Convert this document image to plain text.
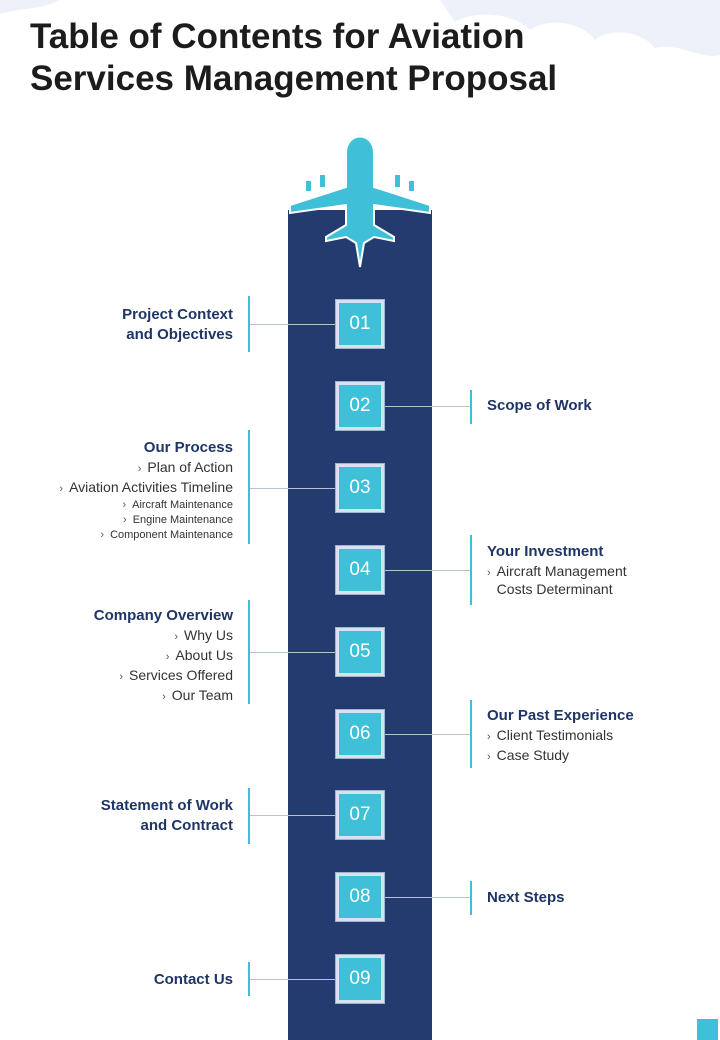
Table of Contents for Aviation Services Management Proposal
01
02
03
04
05
06
07
08
09
Project Context
and Objectives
Scope of Work
Our Process
› Plan of Action
› Aviation Activities Timeline
› Aircraft Maintenance
› Engine Maintenance
› Component Maintenance
Your Investment
› Aircraft Management
Costs Determinant
Company Overview
› Why Us
› About Us
› Services Offered
› Our Team
Our Past Experience
› Client Testimonials
› Case Study
Statement of Work
and Contract
Next Steps
Contact Us
